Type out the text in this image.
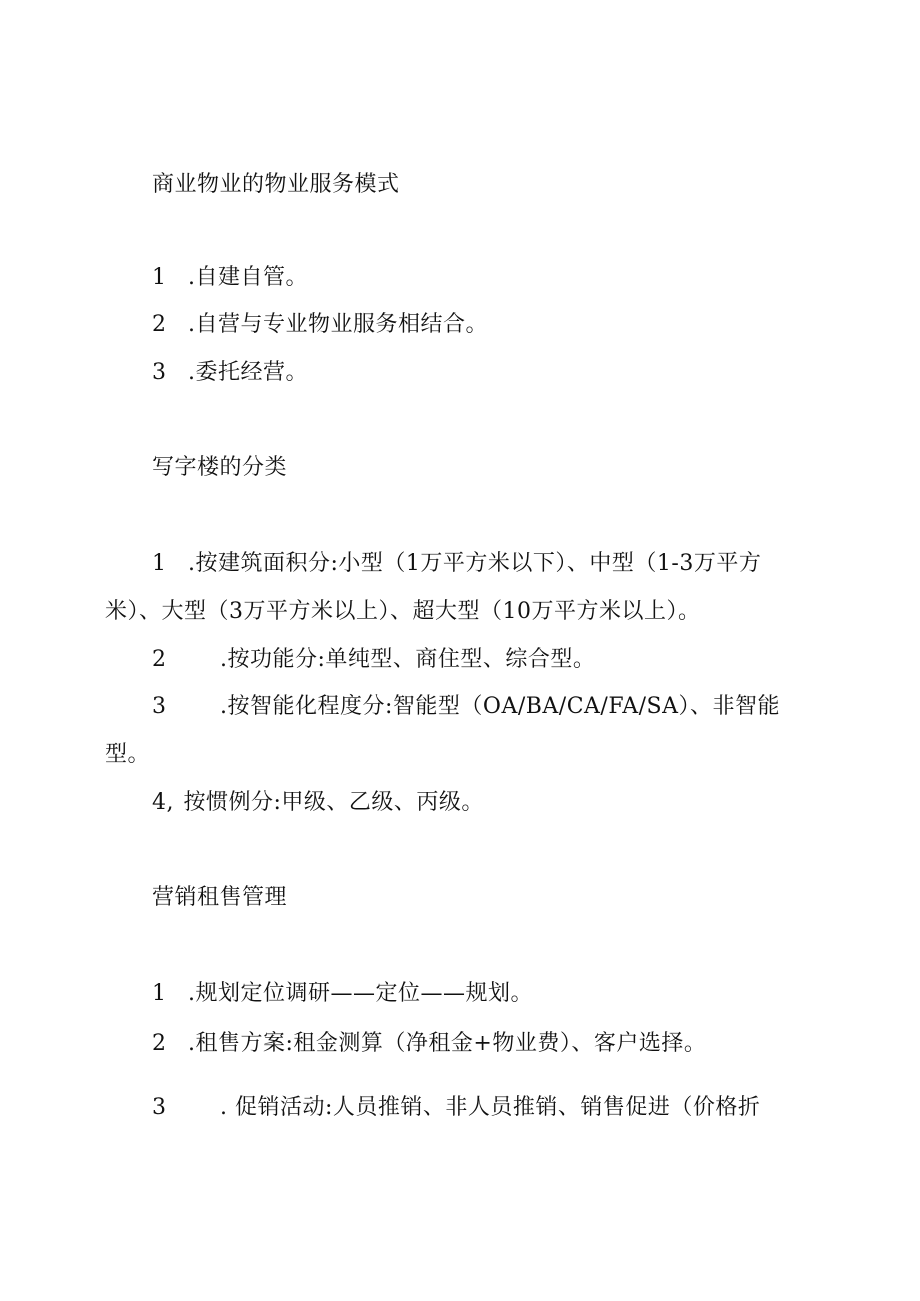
商业物业的物业服务模式
1 .自建自管。
2 .自营与专业物业服务相结合。
3 .委托经营。
写字楼的分类
1 .按建筑面积分:小型（1万平方米以下）、中型（1-3万平方
米）、大型（3万平方米以上）、超大型（10万平方米以上）。
2 .按功能分:单纯型、商住型、综合型。
3 .按智能化程度分:智能型（OA/BA/CA/FA/SA）、非智能
型。
4, 按惯例分:甲级、乙级、丙级。
营销租售管理
1 .规划定位调研——定位——规划。
2 .租售方案:租金测算（净租金+物业费）、客户选择。
3 . 促销活动:人员推销、非人员推销、销售促进（价格折
